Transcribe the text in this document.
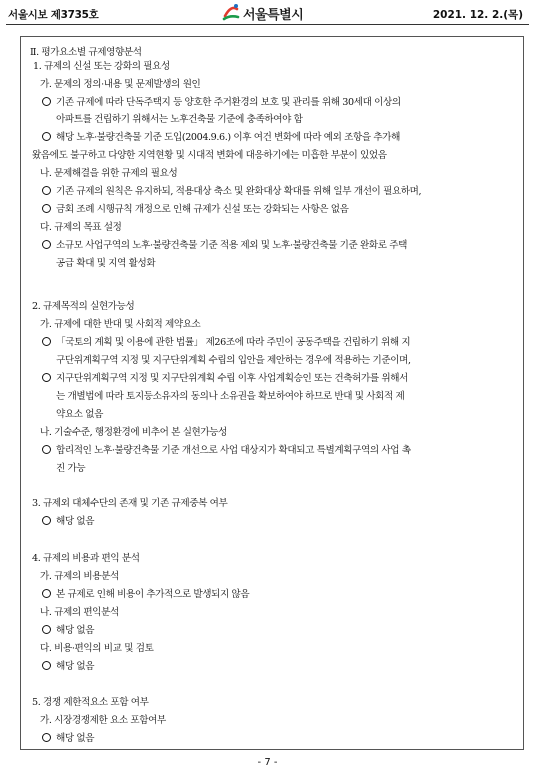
서울시보 제3735호	서울특별시	2021. 12. 2.(목)
Ⅱ. 평가요소별 규제영향분석
1. 규제의 신설 또는 강화의 필요성
가. 문제의 정의·내용 및 문제발생의 원인
기존 규제에 따라 단독주택지 등 양호한 주거환경의 보호 및 관리를 위해 30세대 이상의
아파트를 건립하기 위해서는 노후건축물 기준에 충족하여야 함
해당 노후·불량건축물 기준 도입(2004.9.6.) 이후 여건 변화에 따라 예외 조항을 추가해
왔음에도 불구하고 다양한 지역현황 및 시대적 변화에 대응하기에는 미흡한 부분이 있었음
나. 문제해결을 위한 규제의 필요성
기존 규제의 원칙은 유지하되, 적용대상 축소 및 완화대상 확대를 위해 일부 개선이 필요하며,
금회 조례 시행규칙 개정으로 인해 규제가 신설 또는 강화되는 사항은 없음
다. 규제의 목표 설정
소규모 사업구역의 노후·불량건축물 기준 적용 제외 및 노후·불량건축물 기준 완화로 주택
공급 확대 및 지역 활성화
2. 규제목적의 실현가능성
가. 규제에 대한 반대 및 사회적 제약요소
「국토의 계획 및 이용에 관한 법률」 제26조에 따라 주민이 공동주택을 건립하기 위해 지
구단위계획구역 지정 및 지구단위계획 수립의 입안을 제안하는 경우에 적용하는 기준이며,
지구단위계획구역 지정 및 지구단위계획 수립 이후 사업계획승인 또는 건축허가를 위해서
는 개별법에 따라 토지등소유자의 동의나 소유권을 확보하여야 하므로 반대 및 사회적 제
약요소 없음
나. 기술수준, 행정환경에 비추어 본 실현가능성
합리적인 노후·불량건축물 기준 개선으로 사업 대상지가 확대되고 특별계획구역의 사업 촉
진 가능
3. 규제외 대체수단의 존재 및 기존 규제중복 여부
해당 없음
4. 규제의 비용과 편익 분석
가. 규제의 비용분석
본 규제로 인해 비용이 추가적으로 발생되지 않음
나. 규제의 편익분석
해당 없음
다. 비용·편익의 비교 및 검토
해당 없음
5. 경쟁 제한적요소 포함 여부
가. 시장경쟁제한 요소 포함여부
해당 없음
- 7 -
